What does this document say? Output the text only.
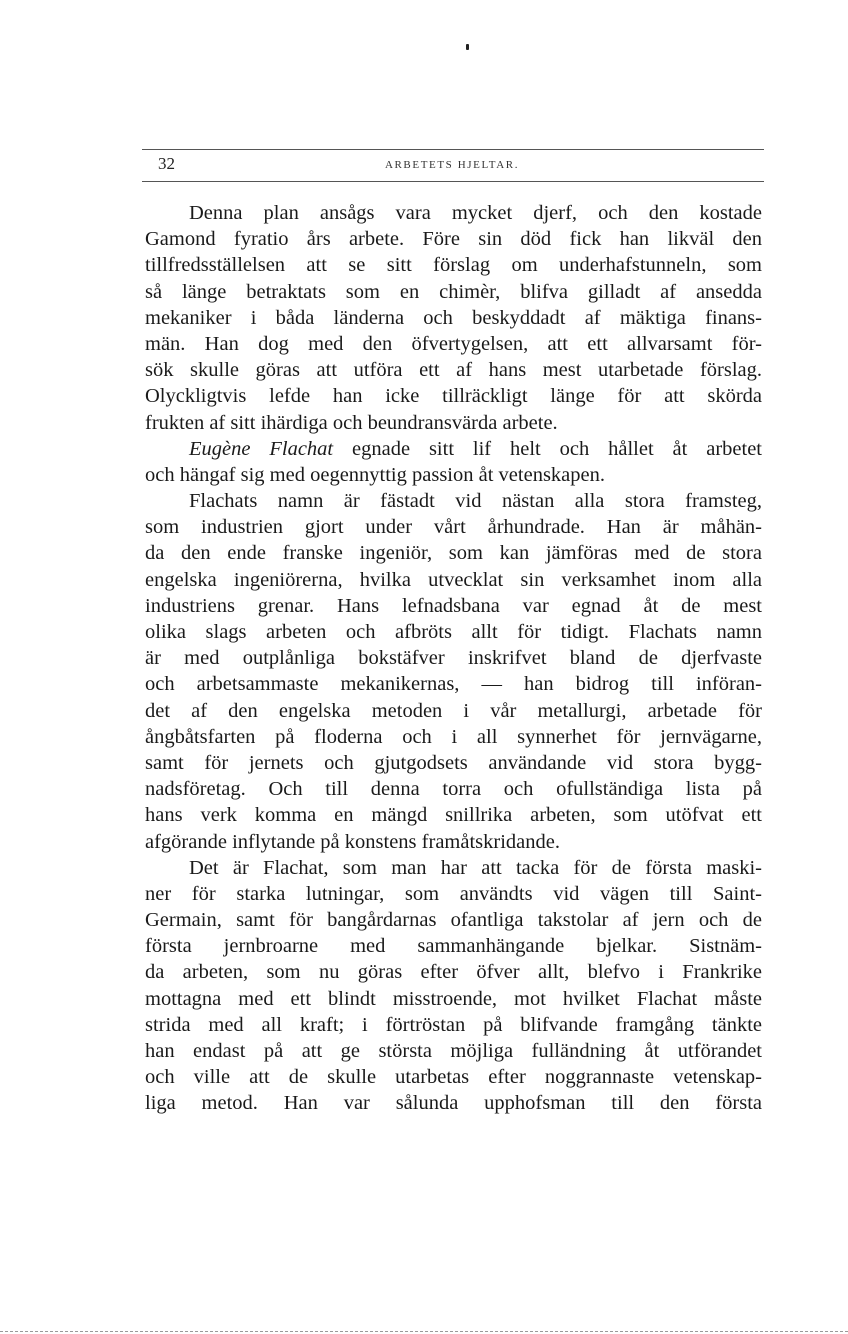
32	ARBETETS HJELTAR.
Denna plan ansågs vara mycket djerf, och den kostade
Gamond fyratio års arbete. Före sin död fick han likväl den
tillfredsställelsen att se sitt förslag om underhafstunneln, som
så länge betraktats som en chimèr, blifva gilladt af ansedda
mekaniker i båda länderna och beskyddadt af mäktiga finans-
män. Han dog med den öfvertygelsen, att ett allvarsamt för-
sök skulle göras att utföra ett af hans mest utarbetade förslag.
Olyckligtvis lefde han icke tillräckligt länge för att skörda
frukten af sitt ihärdiga och beundransvärda arbete.
Eugène Flachat egnade sitt lif helt och hållet åt arbetet
och hängaf sig med oegennyttig passion åt vetenskapen.
Flachats namn är fästadt vid nästan alla stora framsteg,
som industrien gjort under vårt århundrade. Han är måhän-
da den ende franske ingeniör, som kan jämföras med de stora
engelska ingeniörerna, hvilka utvecklat sin verksamhet inom alla
industriens grenar. Hans lefnadsbana var egnad åt de mest
olika slags arbeten och afbröts allt för tidigt. Flachats namn
är med outplånliga bokstäfver inskrifvet bland de djerfvaste
och arbetsammaste mekanikernas, — han bidrog till införan-
det af den engelska metoden i vår metallurgi, arbetade för
ångbåtsfarten på floderna och i all synnerhet för jernvägarne,
samt för jernets och gjutgodsets användande vid stora bygg-
nadsföretag. Och till denna torra och ofullständiga lista på
hans verk komma en mängd snillrika arbeten, som utöfvat ett
afgörande inflytande på konstens framåtskridande.
Det är Flachat, som man har att tacka för de första maski-
ner för starka lutningar, som användts vid vägen till Saint-
Germain, samt för bangårdarnas ofantliga takstolar af jern och de
första jernbroarne med sammanhängande bjelkar. Sistnäm-
da arbeten, som nu göras efter öfver allt, blefvo i Frankrike
mottagna med ett blindt misstroende, mot hvilket Flachat måste
strida med all kraft; i förtröstan på blifvande framgång tänkte
han endast på att ge största möjliga fulländning åt utförandet
och ville att de skulle utarbetas efter noggrannaste vetenskap-
liga metod. Han var sålunda upphofsman till den första
